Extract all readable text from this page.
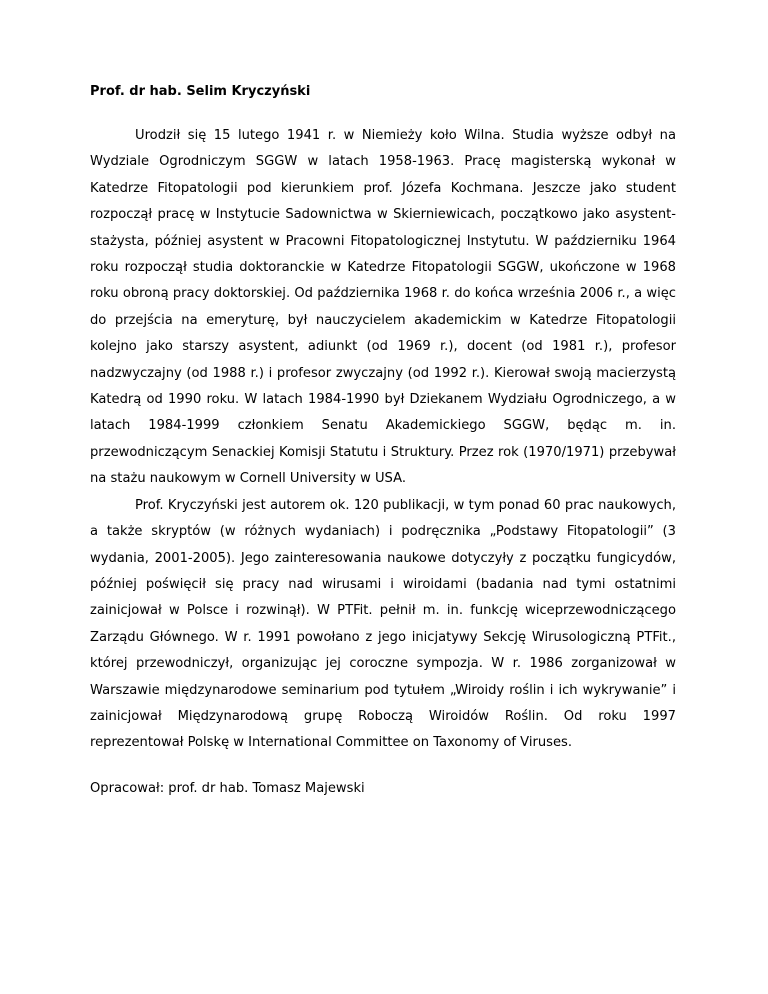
Prof. dr hab. Selim Kryczyński

Urodził się 15 lutego 1941 r. w Niemieży koło Wilna. Studia wyższe odbył na Wydziale Ogrodniczym SGGW w latach 1958-1963. Pracę magisterską wykonał w Katedrze Fitopatologii pod kierunkiem prof. Józefa Kochmana. Jeszcze jako student rozpoczął pracę w Instytucie Sadownictwa w Skierniewicach, początkowo jako asystent-stażysta, później asystent w Pracowni Fitopatologicznej Instytutu. W październiku 1964 roku rozpoczął studia doktoranckie w Katedrze Fitopatologii SGGW, ukończone w 1968 roku obroną pracy doktorskiej. Od października 1968 r. do końca września 2006 r., a więc do przejścia na emeryturę, był nauczycielem akademickim w Katedrze Fitopatologii kolejno jako starszy asystent, adiunkt (od 1969 r.), docent (od 1981 r.), profesor nadzwyczajny (od 1988 r.) i profesor zwyczajny (od 1992 r.). Kierował swoją macierzystą Katedrą od 1990 roku. W latach 1984-1990 był Dziekanem Wydziału Ogrodniczego, a w latach 1984-1999 członkiem Senatu Akademickiego SGGW, będąc m. in. przewodniczącym Senackiej Komisji Statutu i Struktury. Przez rok (1970/1971) przebywał na stażu naukowym w Cornell University w USA.

Prof. Kryczyński jest autorem ok. 120 publikacji, w tym ponad 60 prac naukowych, a także skryptów (w różnych wydaniach) i podręcznika „Podstawy Fitopatologii” (3 wydania, 2001-2005). Jego zainteresowania naukowe dotyczyły z początku fungicydów, później poświęcił się pracy nad wirusami i wiroidami (badania nad tymi ostatnimi zainicjował w Polsce i rozwinął). W PTFit. pełnił m. in. funkcję wiceprzewodniczącego Zarządu Głównego. W r. 1991 powołano z jego inicjatywy Sekcję Wirusologiczną PTFit., której przewodniczył, organizując jej coroczne sympozja. W r. 1986 zorganizował w Warszawie międzynarodowe seminarium pod tytułem „Wiroidy roślin i ich wykrywanie” i zainicjował Międzynarodową grupę Roboczą Wiroidów Roślin. Od roku 1997 reprezentował Polskę w International Committee on Taxonomy of Viruses.

Opracował: prof. dr hab. Tomasz Majewski
